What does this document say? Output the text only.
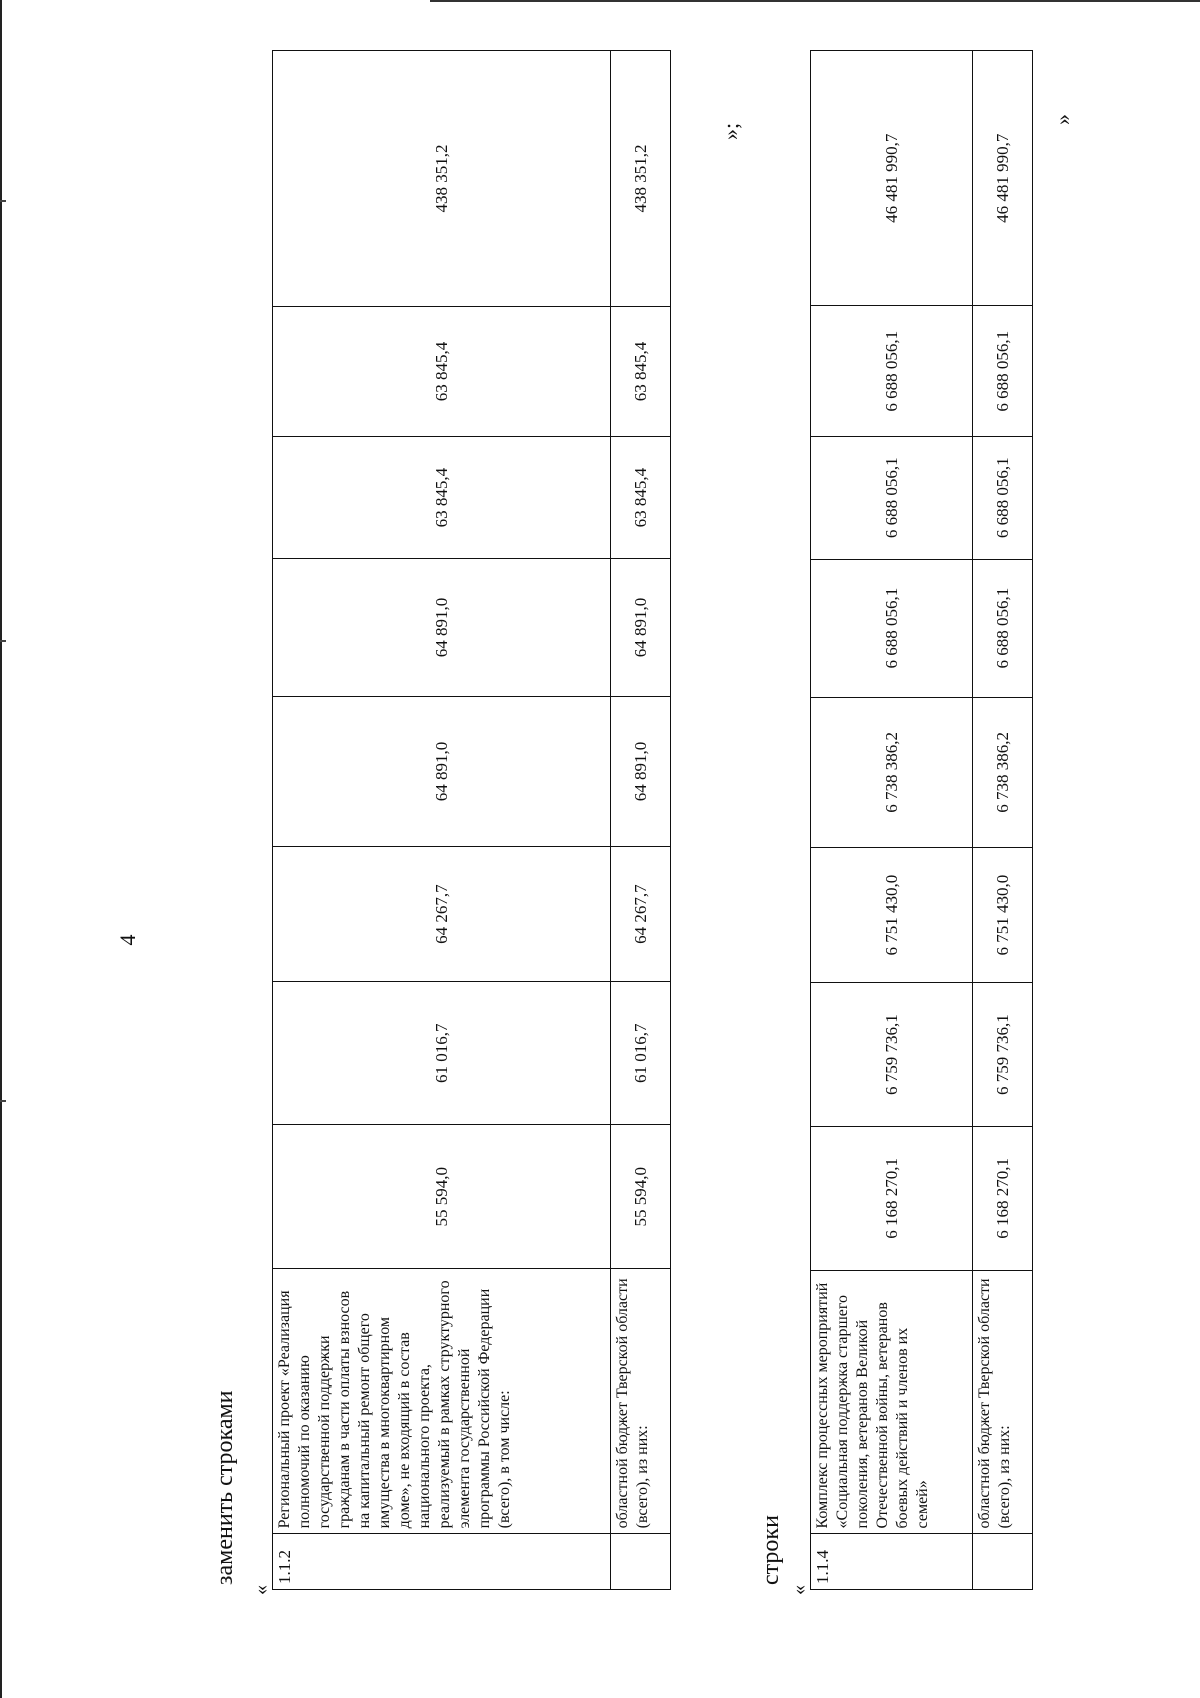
4
заменить строками
«
1.1.2	Региональный проект «Реализация полномочий по оказанию государственной поддержки гражданам в части оплаты взносов на капитальный ремонт общего имущества в многоквартирном доме», не входящий в состав национального проекта, реализуемый в рамках структурного элемента государственной программы Российской Федерации (всего), в том числе:	55 594,0	61 016,7	64 267,7	64 891,0	64 891,0	63 845,4	63 845,4	438 351,2
	областной бюджет Тверской области (всего), из них:	55 594,0	61 016,7	64 267,7	64 891,0	64 891,0	63 845,4	63 845,4	438 351,2
»;
строки
«
1.1.4	Комплекс процессных мероприятий «Социальная поддержка старшего поколения, ветеранов Великой Отечественной войны, ветеранов боевых действий и членов их семей»	6 168 270,1	6 759 736,1	6 751 430,0	6 738 386,2	6 688 056,1	6 688 056,1	6 688 056,1	46 481 990,7
	областной бюджет Тверской области (всего), из них:	6 168 270,1	6 759 736,1	6 751 430,0	6 738 386,2	6 688 056,1	6 688 056,1	6 688 056,1	46 481 990,7
»
